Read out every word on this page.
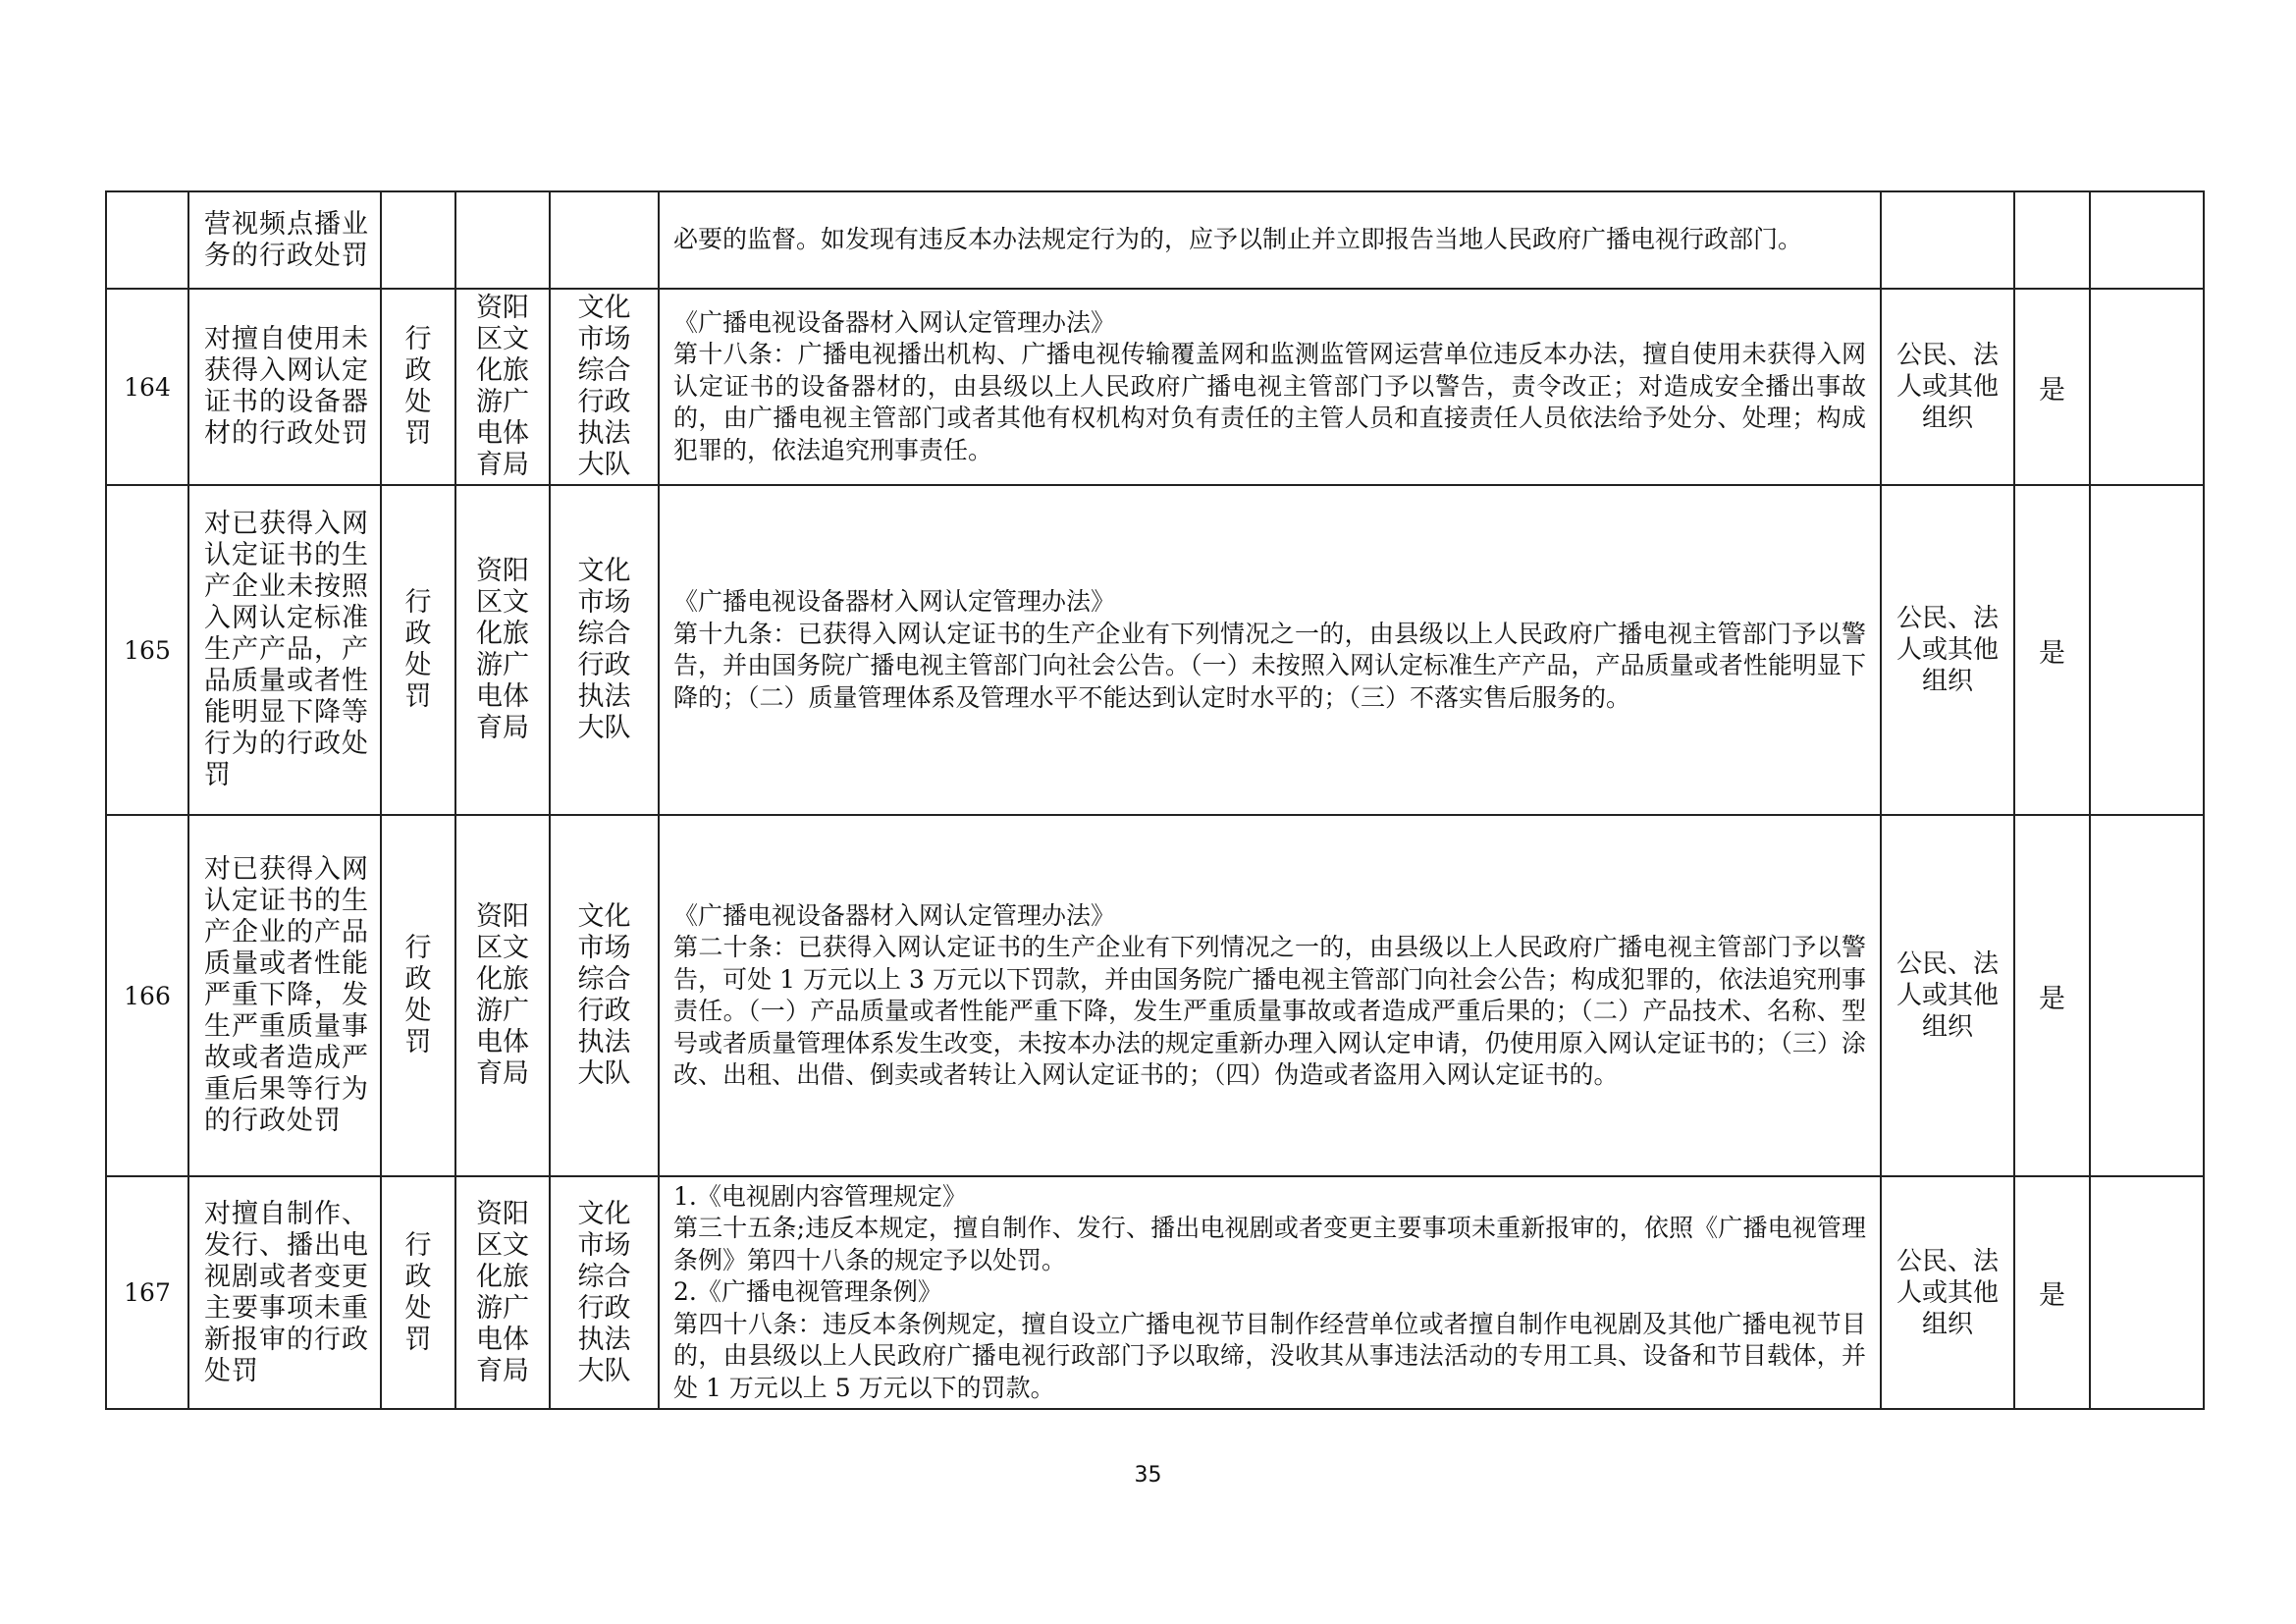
	营视频点播业务的行政处罚				必要的监督。如发现有违反本办法规定行为的，应予以制止并立即报告当地人民政府广播电视行政部门。			

164	对擅自使用未获得入网认定证书的设备器材的行政处罚	行政处罚	资阳区文化旅游广电体育局	文化市场综合行政执法大队	《广播电视设备器材入网认定管理办法》

第十八条：广播电视播出机构、广播电视传输覆盖网和监测监管网运营单位违反本办法，擅自使用未获得入网认定证书的设备器材的，由县级以上人民政府广播电视主管部门予以警告，责令改正；对造成安全播出事故的，由广播电视主管部门或者其他有权机构对负有责任的主管人员和直接责任人员依法给予处分、处理；构成犯罪的，依法追究刑事责任。	公民、法人或其他组织	是	
165	对已获得入网认定证书的生产企业未按照入网认定标准生产产品，产品质量或者性能明显下降等行为的行政处罚	行政处罚	资阳区文化旅游广电体育局	文化市场综合行政执法大队	《广播电视设备器材入网认定管理办法》

第十九条：已获得入网认定证书的生产企业有下列情况之一的，由县级以上人民政府广播电视主管部门予以警告，并由国务院广播电视主管部门向社会公告。（一）未按照入网认定标准生产产品，产品质量或者性能明显下降的；（二）质量管理体系及管理水平不能达到认定时水平的；（三）不落实售后服务的。	公民、法人或其他组织	是	
166	对已获得入网认定证书的生产企业的产品质量或者性能严重下降，发生严重质量事故或者造成严重后果等行为的行政处罚	行政处罚	资阳区文化旅游广电体育局	文化市场综合行政执法大队	《广播电视设备器材入网认定管理办法》

第二十条：已获得入网认定证书的生产企业有下列情况之一的，由县级以上人民政府广播电视主管部门予以警告，可处 1 万元以上 3 万元以下罚款，并由国务院广播电视主管部门向社会公告；构成犯罪的，依法追究刑事责任。（一）产品质量或者性能严重下降，发生严重质量事故或者造成严重后果的；（二）产品技术、名称、型号或者质量管理体系发生改变，未按本办法的规定重新办理入网认定申请，仍使用原入网认定证书的；（三）涂改、出租、出借、倒卖或者转让入网认定证书的；（四）伪造或者盗用入网认定证书的。	公民、法人或其他组织	是	
167	对擅自制作、发行、播出电视剧或者变更主要事项未重新报审的行政处罚	行政处罚	资阳区文化旅游广电体育局	文化市场综合行政执法大队	1.《电视剧内容管理规定》

第三十五条;违反本规定，擅自制作、发行、播出电视剧或者变更主要事项未重新报审的，依照《广播电视管理条例》第四十八条的规定予以处罚。

2.《广播电视管理条例》

第四十八条：违反本条例规定，擅自设立广播电视节目制作经营单位或者擅自制作电视剧及其他广播电视节目的，由县级以上人民政府广播电视行政部门予以取缔，没收其从事违法活动的专用工具、设备和节目载体，并处 1 万元以上 5 万元以下的罚款。	公民、法人或其他组织	是	
35
